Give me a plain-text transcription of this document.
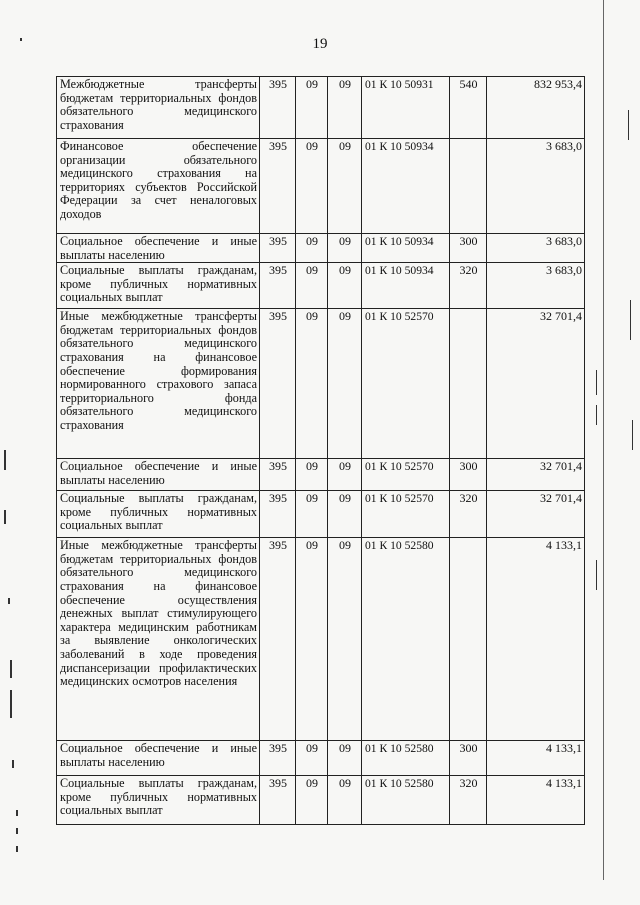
19
Межбюджетные трансферты бюджетам территориальных фондов обязательного медицинского страхования	395	09	09	01 К 10 50931	540	832 953,4
Финансовое обеспечение организации обязательного медицинского страхования на территориях субъектов Российской Федерации за счет неналоговых доходов	395	09	09	01 К 10 50934		3 683,0
Социальное обеспечение и иные выплаты населению	395	09	09	01 К 10 50934	300	3 683,0
Социальные выплаты гражданам, кроме публичных нормативных социальных выплат	395	09	09	01 К 10 50934	320	3 683,0
Иные межбюджетные трансферты бюджетам территориальных фондов обязательного медицинского страхования на финансовое обеспечение формирования нормированного страхового запаса территориального фонда обязательного медицинского страхования	395	09	09	01 К 10 52570		32 701,4
Социальное обеспечение и иные выплаты населению	395	09	09	01 К 10 52570	300	32 701,4
Социальные выплаты гражданам, кроме публичных нормативных социальных выплат	395	09	09	01 К 10 52570	320	32 701,4
Иные межбюджетные трансферты бюджетам территориальных фондов обязательного медицинского страхования на финансовое обеспечение осуществления денежных выплат стимулирующего характера медицинским работникам за выявление онкологических заболеваний в ходе проведения диспансеризации профилактических медицинских осмотров населения	395	09	09	01 К 10 52580		4 133,1
Социальное обеспечение и иные выплаты населению	395	09	09	01 К 10 52580	300	4 133,1
Социальные выплаты гражданам, кроме публичных нормативных социальных выплат	395	09	09	01 К 10 52580	320	4 133,1
